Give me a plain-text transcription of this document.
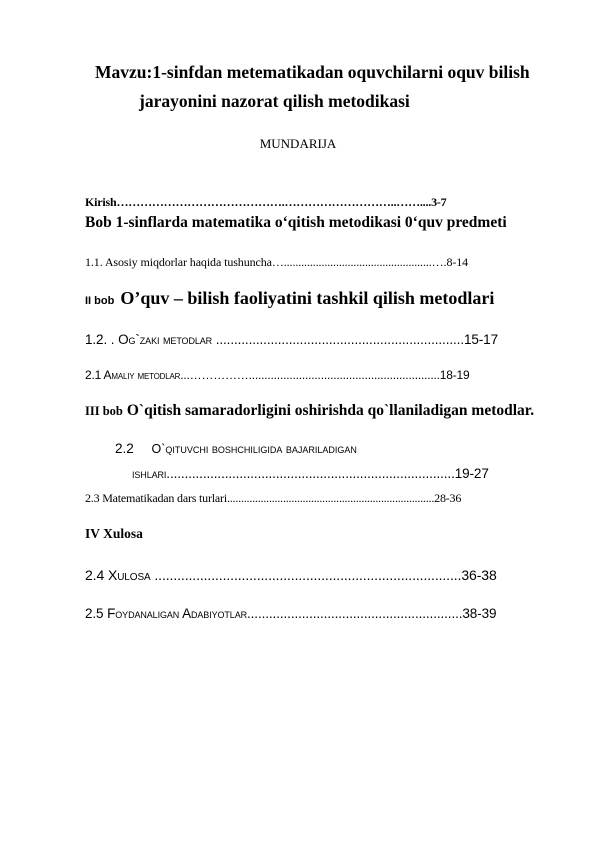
Mavzu:1-sinfdan metematikadan oquvchilarni oquv bilish
jarayonini nazorat qilish metodikasi
MUNDARIJA
Kirish…………………………………….………………………..……....3-7
Bob 1-sinflarda matematika o‘qitish metodikasi 0‘quv predmeti
1.1. Asosiy miqdorlar haqida tushuncha…...................................................….8-14
II bob O’quv – bilish faoliyatini tashkil qilish metodlari
1.2. . Og`zaki metodlar ....................................................................15-17
2.1 Amaliy metodlar...…………….............................................................18-19
III bob O`qitish samaradorligini oshirishda qo`llaniladigan metodlar.
2.2 O`qituvchi boshchiligida bajariladigan
ishlari...............................................................................19-27
2.3 Matematikadan dars turlari..........................................................................28-36
IV Xulosa
2.4 Xulosa .................................................................................36-38
2.5 Foydanaligan Adabiyotlar...........................................................38-39
